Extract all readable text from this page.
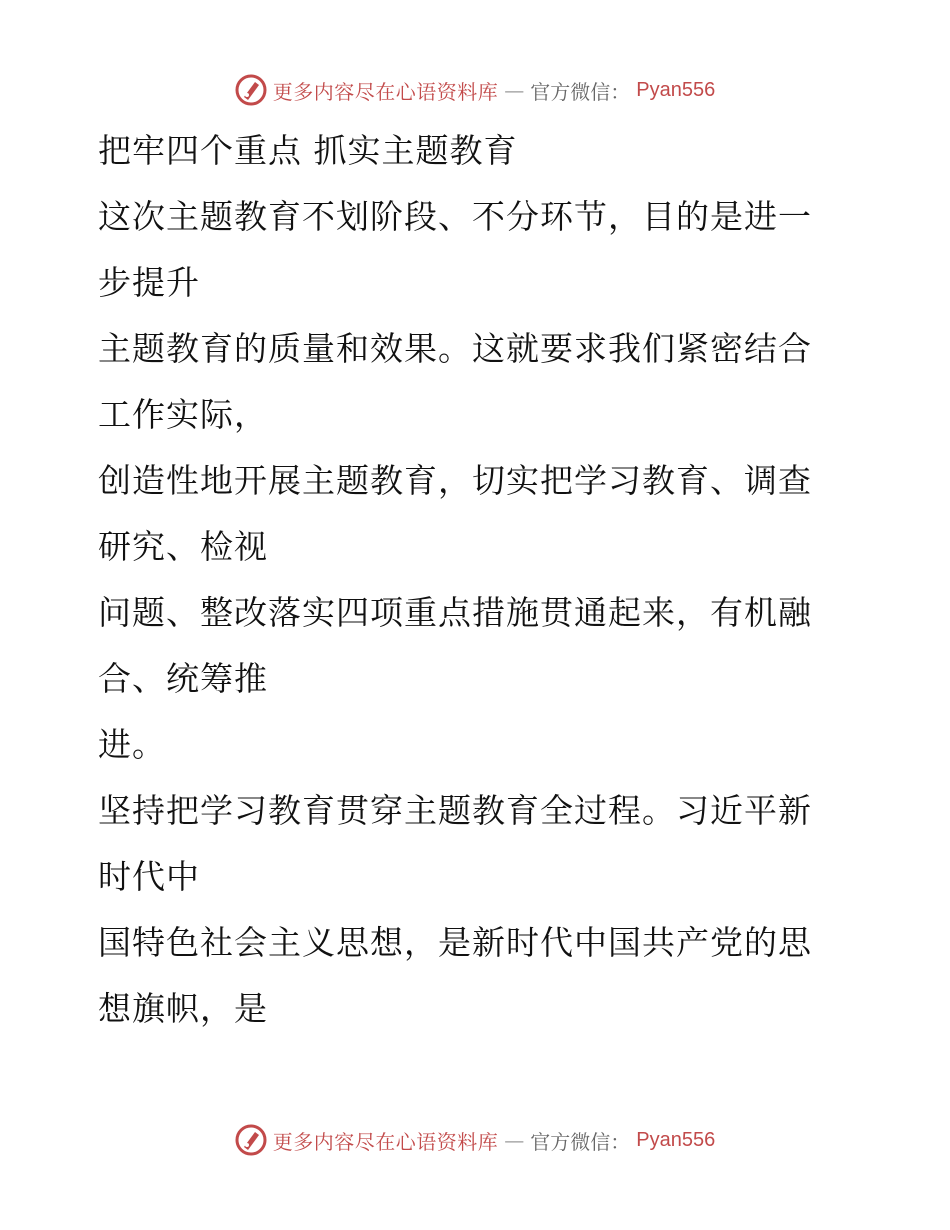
更多内容尽在心语资料库 — 官方微信： Pyan556
把牢四个重点 抓实主题教育
这次主题教育不划阶段、不分环节，目的是进一
步提升
主题教育的质量和效果。这就要求我们紧密结合
工作实际，
创造性地开展主题教育，切实把学习教育、调查
研究、检视
问题、整改落实四项重点措施贯通起来，有机融
合、统筹推
进。
坚持把学习教育贯穿主题教育全过程。习近平新
时代中
国特色社会主义思想，是新时代中国共产党的思
想旗帜，是
更多内容尽在心语资料库 — 官方微信： Pyan556
